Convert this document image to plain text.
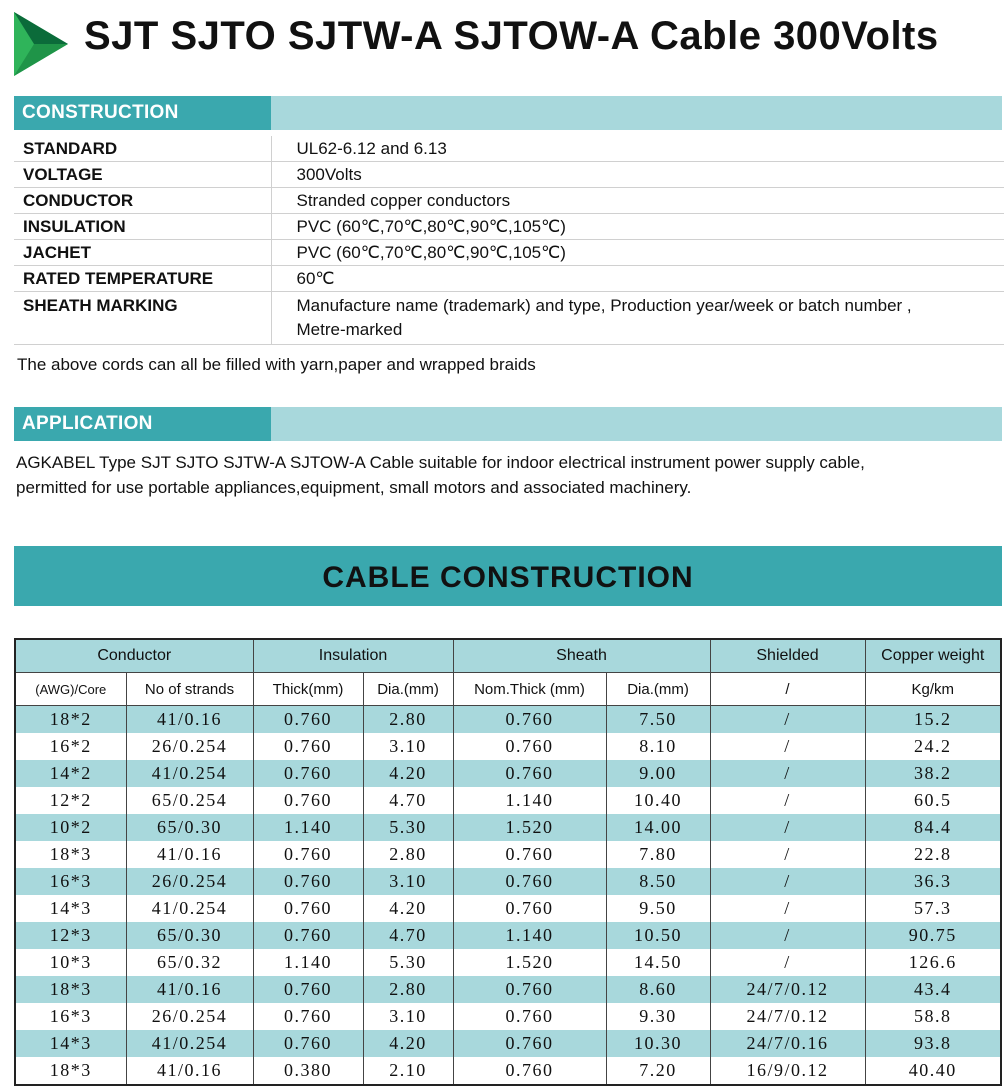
SJT SJTO SJTW-A SJTOW-A Cable 300Volts
CONSTRUCTION
STANDARD	UL62-6.12 and 6.13
VOLTAGE	300Volts
CONDUCTOR	Stranded copper conductors
INSULATION	PVC (60℃,70℃,80℃,90℃,105℃)
JACHET	PVC (60℃,70℃,80℃,90℃,105℃)
RATED TEMPERATURE	60℃
SHEATH MARKING	Manufacture name (trademark) and type, Production year/week or batch number ,
Metre-marked

The above cords can all be filled with yarn,paper and wrapped braids

APPLICATION

AGKABEL Type SJT SJTO SJTW-A SJTOW-A Cable suitable for indoor electrical instrument power supply cable,
permitted for use portable appliances,equipment, small motors and associated machinery.

CABLE CONSTRUCTION
Conductor		Insulation		Sheath		Shielded	Copper weight
(AWG)/Core	No of strands	Thick(mm)	Dia.(mm)	Nom.Thick (mm)	Dia.(mm)	/	Kg/km
18*2	41/0.16	0.760	2.80	0.760	7.50	/	15.2
16*2	26/0.254	0.760	3.10	0.760	8.10	/	24.2
14*2	41/0.254	0.760	4.20	0.760	9.00	/	38.2
12*2	65/0.254	0.760	4.70	1.140	10.40	/	60.5
10*2	65/0.30	1.140	5.30	1.520	14.00	/	84.4
18*3	41/0.16	0.760	2.80	0.760	7.80	/	22.8
16*3	26/0.254	0.760	3.10	0.760	8.50	/	36.3
14*3	41/0.254	0.760	4.20	0.760	9.50	/	57.3
12*3	65/0.30	0.760	4.70	1.140	10.50	/	90.75
10*3	65/0.32	1.140	5.30	1.520	14.50	/	126.6
18*3	41/0.16	0.760	2.80	0.760	8.60	24/7/0.12	43.4
16*3	26/0.254	0.760	3.10	0.760	9.30	24/7/0.12	58.8
14*3	41/0.254	0.760	4.20	0.760	10.30	24/7/0.16	93.8
18*3	41/0.16	0.380	2.10	0.760	7.20	16/9/0.12	40.40
